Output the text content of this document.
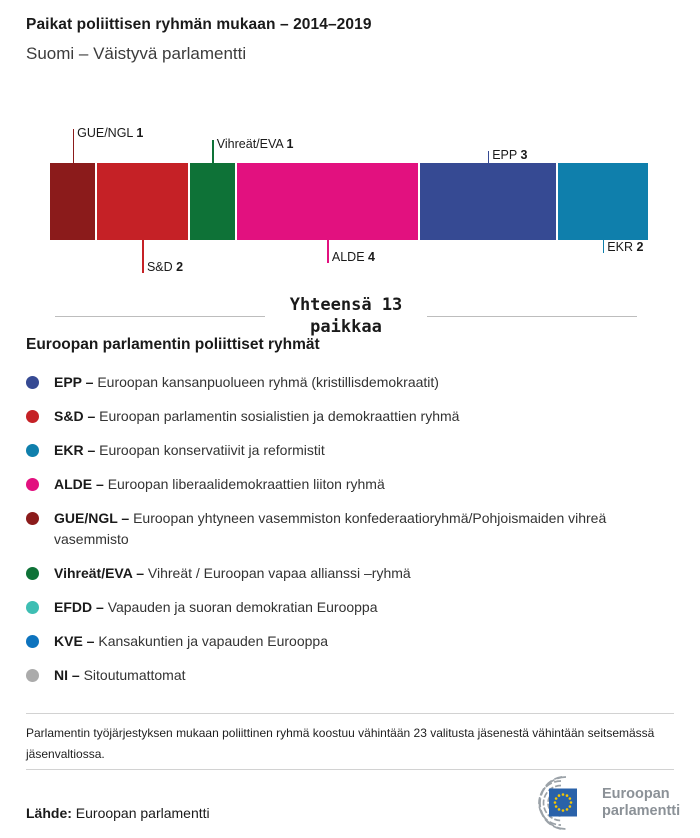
Paikat poliittisen ryhmän mukaan – 2014–2019
Suomi – Väistyvä parlamentti
GUE/NGL 1
S&D 2
Vihreät/EVA 1
ALDE 4
EPP 3
EKR 2
Yhteensä 13 paikkaa
Euroopan parlamentin poliittiset ryhmät
EPP – Euroopan kansanpuolueen ryhmä (kristillisdemokraatit)
S&D – Euroopan parlamentin sosialistien ja demokraattien ryhmä
EKR – Euroopan konservatiivit ja reformistit
ALDE – Euroopan liberaalidemokraattien liiton ryhmä
GUE/NGL – Euroopan yhtyneen vasemmiston konfederaatioryhmä/Pohjoismaiden vihreä vasemmisto
Vihreät/EVA – Vihreät / Euroopan vapaa allianssi –ryhmä
EFDD – Vapauden ja suoran demokratian Eurooppa
KVE – Kansakuntien ja vapauden Eurooppa
NI – Sitoutumattomat

Parlamentin työjärjestyksen mukaan poliittinen ryhmä koostuu vähintään 23 valitusta jäsenestä vähintään seitsemässä jäsenvaltiossa.

Lähde: Euroopan parlamentti

Euroopan
parlamentti
